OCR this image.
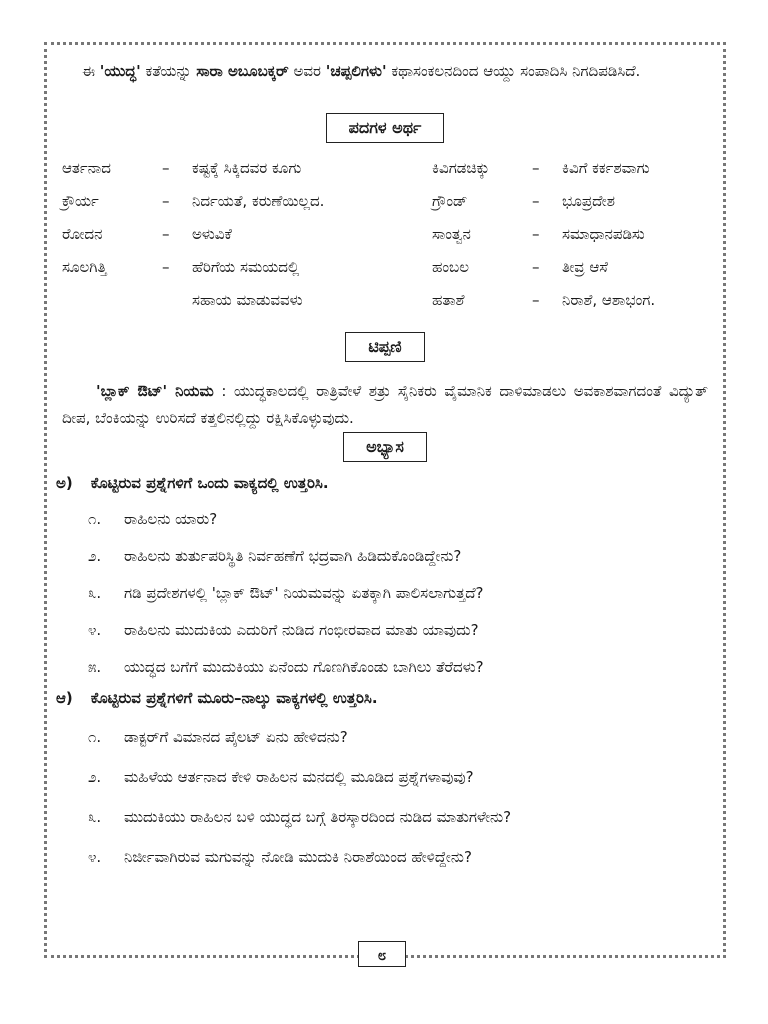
ಈ 'ಯುದ್ಧ' ಕತೆಯನ್ನು ಸಾರಾ ಅಬೂಬಕ್ಕರ್ ಅವರ 'ಚಪ್ಪಲಿಗಳು' ಕಥಾಸಂಕಲನದಿಂದ ಆಯ್ದು ಸಂಪಾದಿಸಿ ನಿಗದಿಪಡಿಸಿದೆ.

ಪದಗಳ ಅರ್ಥ
ಆರ್ತನಾದ	–	ಕಷ್ಟಕ್ಕೆ ಸಿಕ್ಕಿದವರ ಕೂಗು	ಕಿವಿಗಡಚಿಕ್ಕು	–	ಕಿವಿಗೆ ಕರ್ಕಶವಾಗು
ಕ್ರೌರ್ಯ	–	ನಿರ್ದಯತೆ, ಕರುಣೆಯಿಲ್ಲದ.	ಗ್ರೌಂಡ್	–	ಭೂಪ್ರದೇಶ
ರೋದನ	–	ಅಳುವಿಕೆ	ಸಾಂತ್ವನ	–	ಸಮಾಧಾನಪಡಿಸು
ಸೂಲಗಿತ್ತಿ	–	ಹೆರಿಗೆಯ ಸಮಯದಲ್ಲಿ	ಹಂಬಲ	–	ತೀವ್ರ ಆಸೆ
ಸಹಾಯ ಮಾಡುವವಳು	ಹತಾಶೆ	–	ನಿರಾಶೆ, ಆಶಾಭಂಗ.
ಟಿಪ್ಪಣಿ

'ಬ್ಲಾಕ್ ಔಟ್' ನಿಯಮ : ಯುದ್ಧಕಾಲದಲ್ಲಿ ರಾತ್ರಿವೇಳೆ ಶತ್ರು ಸೈನಿಕರು ವೈಮಾನಿಕ ದಾಳಿಮಾಡಲು ಅವಕಾಶವಾಗದಂತೆ ವಿದ್ಯುತ್ ದೀಪ, ಬೆಂಕಿಯನ್ನು ಉರಿಸದೆ ಕತ್ತಲಿನಲ್ಲಿದ್ದು ರಕ್ಷಿಸಿಕೊಳ್ಳುವುದು.

ಅಭ್ಯಾಸ
ಅ) ಕೊಟ್ಟಿರುವ ಪ್ರಶ್ನೆಗಳಿಗೆ ಒಂದು ವಾಕ್ಯದಲ್ಲಿ ಉತ್ತರಿಸಿ.
೧.	ರಾಹಿಲನು ಯಾರು?
೨.	ರಾಹಿಲನು ತುರ್ತುಪರಿಸ್ಥಿತಿ ನಿರ್ವಹಣೆಗೆ ಭದ್ರವಾಗಿ ಹಿಡಿದುಕೊಂಡಿದ್ದೇನು?
೩.	ಗಡಿ ಪ್ರದೇಶಗಳಲ್ಲಿ 'ಬ್ಲಾಕ್ ಔಟ್' ನಿಯಮವನ್ನು ಏತಕ್ಕಾಗಿ ಪಾಲಿಸಲಾಗುತ್ತದೆ?
೪.	ರಾಹಿಲನು ಮುದುಕಿಯ ಎದುರಿಗೆ ನುಡಿದ ಗಂಭೀರವಾದ ಮಾತು ಯಾವುದು?
೫.	ಯುದ್ಧದ ಬಗೆಗೆ ಮುದುಕಿಯು ಏನೆಂದು ಗೊಣಗಿಕೊಂಡು ಬಾಗಿಲು ತೆರೆದಳು?
ಆ) ಕೊಟ್ಟಿರುವ ಪ್ರಶ್ನೆಗಳಿಗೆ ಮೂರು–ನಾಲ್ಕು ವಾಕ್ಯಗಳಲ್ಲಿ ಉತ್ತರಿಸಿ.
೧.	ಡಾಕ್ಟರ್‌ಗೆ ವಿಮಾನದ ಪೈಲಟ್ ಏನು ಹೇಳಿದನು?
೨.	ಮಹಿಳೆಯ ಆರ್ತನಾದ ಕೇಳಿ ರಾಹಿಲನ ಮನದಲ್ಲಿ ಮೂಡಿದ ಪ್ರಶ್ನೆಗಳಾವುವು?
೩.	ಮುದುಕಿಯು ರಾಹಿಲನ ಬಳಿ ಯುದ್ಧದ ಬಗ್ಗೆ ತಿರಸ್ಕಾರದಿಂದ ನುಡಿದ ಮಾತುಗಳೇನು?
೪.	ನಿರ್ಜೀವಾಗಿರುವ ಮಗುವನ್ನು ನೋಡಿ ಮುದುಕಿ ನಿರಾಶೆಯಿಂದ ಹೇಳಿದ್ದೇನು?
೮
